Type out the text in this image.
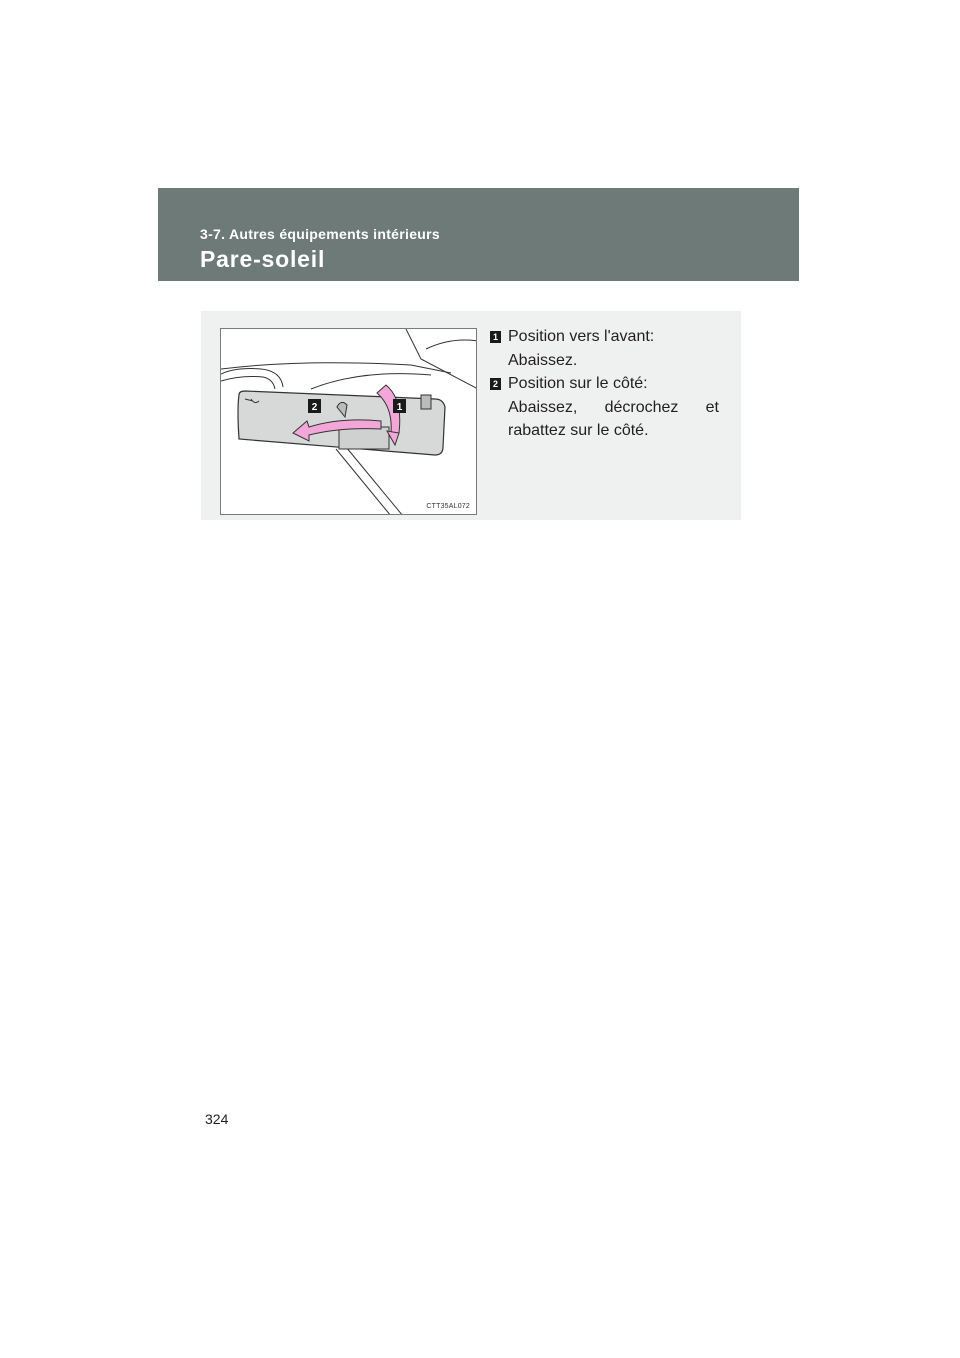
3-7. Autres équipements intérieurs
Pare-soleil
2	1
CTT35AL072
1 Position vers l'avant:
Abaissez.
2 Position sur le côté:
Abaissez, décrochez et
rabattez sur le côté.
324
